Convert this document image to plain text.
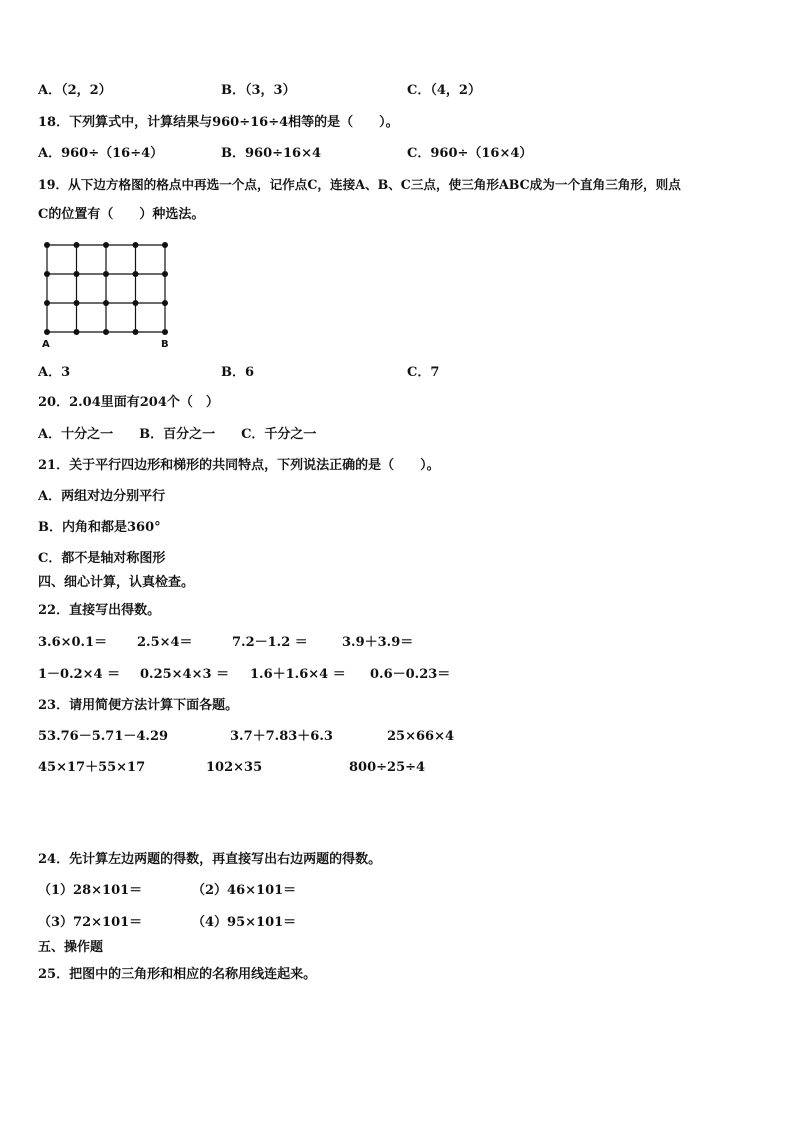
A．（2，2）	B．（3，3）	C．（4，2）
18．下列算式中，计算结果与960÷16÷4相等的是（　　）。
A．960÷（16÷4）	B．960÷16×4	C．960÷（16×4）
19．从下边方格图的格点中再选一个点，记作点C，连接A、B、C三点，使三角形ABC成为一个直角三角形，则点
C的位置有（　　）种选法。
A	B
A．3	B．6	C．7
20．2.04里面有204个（　）
A．十分之一　　B．百分之一　　C．千分之一
21．关于平行四边形和梯形的共同特点，下列说法正确的是（　　）。
A．两组对边分别平行
B．内角和都是360°
C．都不是轴对称图形
四、细心计算，认真检查。
22．直接写出得数。
3.6×0.1＝ 2.5×4＝	7.2－1.2 ＝	3.9＋3.9＝
1－0.2×4 ＝ 0.25×4×3 ＝ 1.6＋1.6×4 ＝ 0.6－0.23＝
23．请用简便方法计算下面各题。
53.76－5.71－4.29	3.7＋7.83＋6.3	25×66×4
45×17＋55×17	102×35	800÷25÷4
24．先计算左边两题的得数，再直接写出右边两题的得数。
（1）28×101＝	（2）46×101＝
（3）72×101＝	（4）95×101＝
五、操作题
25．把图中的三角形和相应的名称用线连起来。
